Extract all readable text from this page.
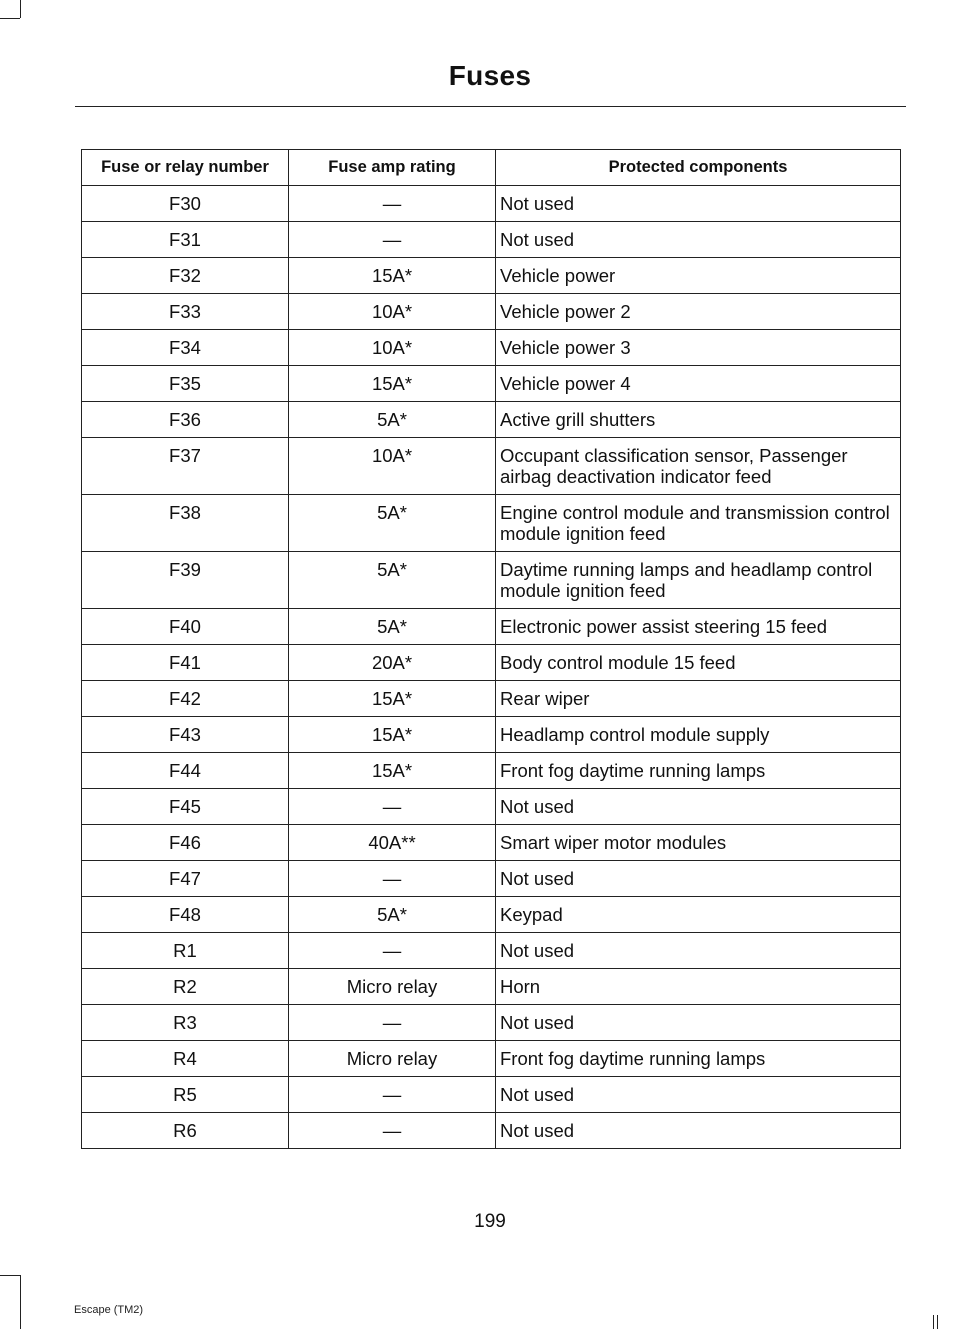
Fuses
Fuse or relay number	Fuse amp rating	Protected components
F30	—	Not used
F31	—	Not used
F32	15A*	Vehicle power
F33	10A*	Vehicle power 2
F34	10A*	Vehicle power 3
F35	15A*	Vehicle power 4
F36	5A*	Active grill shutters
F37	10A*	Occupant classification sensor, Passenger airbag deactivation indicator feed
F38	5A*	Engine control module and transmission control module ignition feed
F39	5A*	Daytime running lamps and headlamp control module ignition feed
F40	5A*	Electronic power assist steering 15 feed
F41	20A*	Body control module 15 feed
F42	15A*	Rear wiper
F43	15A*	Headlamp control module supply
F44	15A*	Front fog daytime running lamps
F45	—	Not used
F46	40A**	Smart wiper motor modules
F47	—	Not used
F48	5A*	Keypad
R1	—	Not used
R2	Micro relay	Horn
R3	—	Not used
R4	Micro relay	Front fog daytime running lamps
R5	—	Not used
R6	—	Not used
199
Escape (TM2)
